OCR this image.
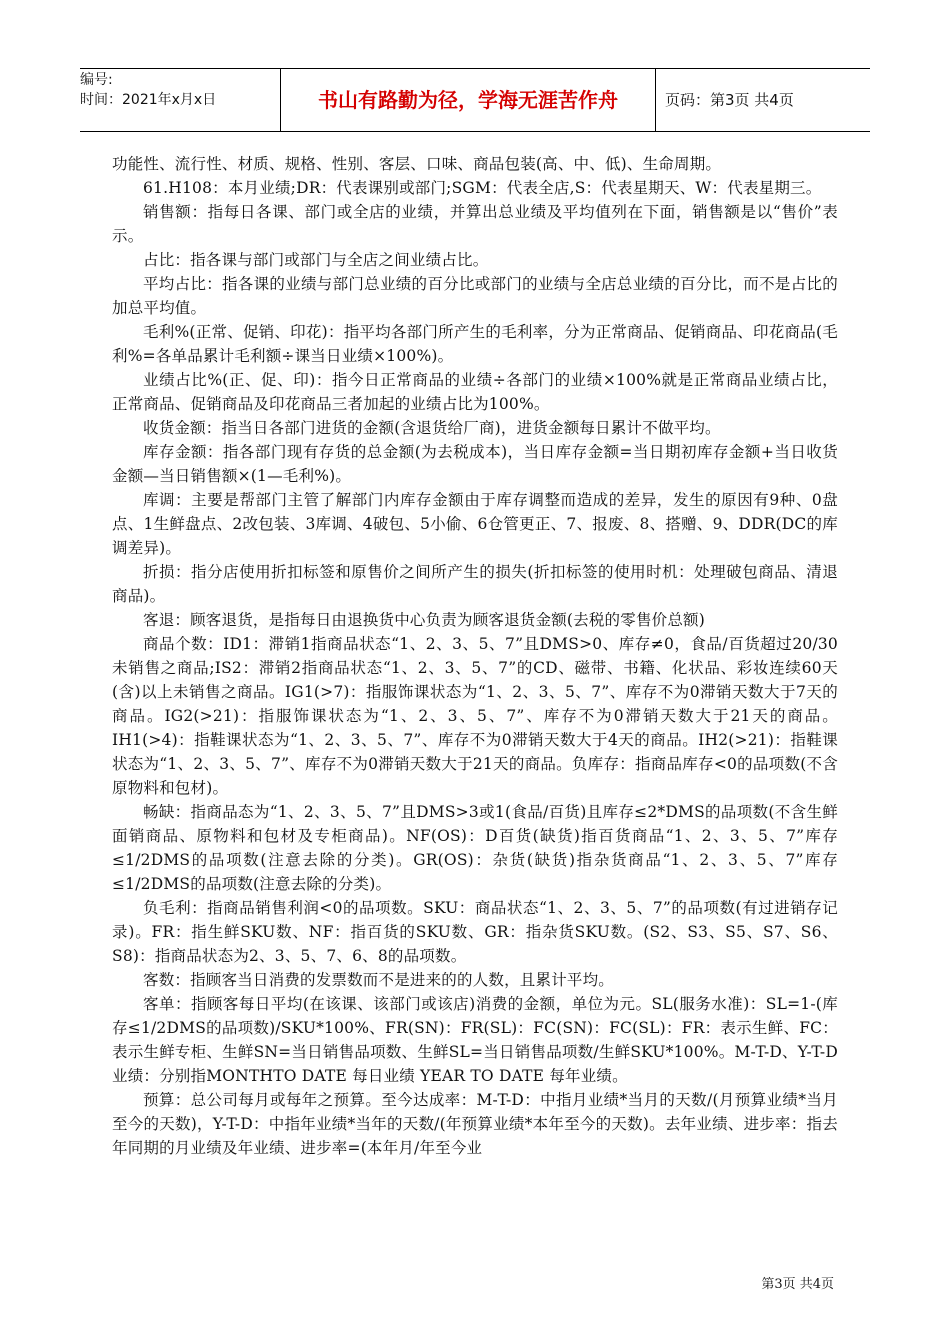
编号:
时间：2021年x月x日	书山有路勤为径，学海无涯苦作舟	页码：第3页 共4页

功能性、流行性、材质、规格、性别、客层、口味、商品包装(高、中、低)、生命周期。

61.H108：本月业绩;DR：代表课别或部门;SGM：代表全店,S：代表星期天、W：代表星期三。

销售额：指每日各课、部门或全店的业绩，并算出总业绩及平均值列在下面，销售额是以“售价”表示。

占比：指各课与部门或部门与全店之间业绩占比。

平均占比：指各课的业绩与部门总业绩的百分比或部门的业绩与全店总业绩的百分比，而不是占比的加总平均值。

毛利%(正常、促销、印花)：指平均各部门所产生的毛利率，分为正常商品、促销商品、印花商品(毛利%=各单品累计毛利额÷课当日业绩×100%)。

业绩占比%(正、促、印)：指今日正常商品的业绩÷各部门的业绩×100%就是正常商品业绩占比，正常商品、促销商品及印花商品三者加起的业绩占比为100%。

收货金额：指当日各部门进货的金额(含退货给厂商)，进货金额每日累计不做平均。

库存金额：指各部门现有存货的总金额(为去税成本)，当日库存金额=当日期初库存金额+当日收货金额—当日销售额×(1—毛利%)。

库调：主要是帮部门主管了解部门内库存金额由于库存调整而造成的差异，发生的原因有9种、0盘点、1生鲜盘点、2改包装、3库调、4破包、5小偷、6仓管更正、7、报废、8、搭赠、9、DDR(DC的库调差异)。

折损：指分店使用折扣标签和原售价之间所产生的损失(折扣标签的使用时机：处理破包商品、清退商品)。

客退：顾客退货，是指每日由退换货中心负责为顾客退货金额(去税的零售价总额)

商品个数：ID1：滞销1指商品状态“1、2、3、5、7”且DMS>0、库存≠0，食品/百货超过20/30未销售之商品;IS2：滞销2指商品状态“1、2、3、5、7”的CD、磁带、书籍、化状品、彩妆连续60天(含)以上未销售之商品。IG1(>7)：指服饰课状态为“1、2、3、5、7”、库存不为0滞销天数大于7天的商品。IG2(>21)：指服饰课状态为“1、2、3、5、7”、库存不为0滞销天数大于21天的商品。IH1(>4)：指鞋课状态为“1、2、3、5、7”、库存不为0滞销天数大于4天的商品。IH2(>21)：指鞋课状态为“1、2、3、5、7”、库存不为0滞销天数大于21天的商品。负库存：指商品库存<0的品项数(不含原物料和包材)。

畅缺：指商品态为“1、2、3、5、7”且DMS>3或1(食品/百货)且库存≤2*DMS的品项数(不含生鲜面销商品、原物料和包材及专柜商品)。NF(OS)：D百货(缺货)指百货商品“1、2、3、5、7”库存≤1/2DMS的品项数(注意去除的分类)。GR(OS)：杂货(缺货)指杂货商品“1、2、3、5、7”库存≤1/2DMS的品项数(注意去除的分类)。

负毛利：指商品销售利润<0的品项数。SKU：商品状态“1、2、3、5、7”的品项数(有过进销存记录)。FR：指生鲜SKU数、NF：指百货的SKU数、GR：指杂货SKU数。(S2、S3、S5、S7、S6、S8)：指商品状态为2、3、5、7、6、8的品项数。

客数：指顾客当日消费的发票数而不是进来的的人数，且累计平均。

客单：指顾客每日平均(在该课、该部门或该店)消费的金额，单位为元。SL(服务水准)：SL=1-(库存≤1/2DMS的品项数)/SKU*100%、FR(SN)：FR(SL)：FC(SN)：FC(SL)：FR：表示生鲜、FC：表示生鲜专柜、生鲜SN=当日销售品项数、生鲜SL=当日销售品项数/生鲜SKU*100%。M-T-D、Y-T-D业绩：分别指MONTHTO DATE 每日业绩 YEAR TO DATE 每年业绩。

预算：总公司每月或每年之预算。至今达成率：M-T-D：中指月业绩*当月的天数/(月预算业绩*当月至今的天数)，Y-T-D：中指年业绩*当年的天数/(年预算业绩*本年至今的天数)。去年业绩、进步率：指去年同期的月业绩及年业绩、进步率=(本年月/年至今业

第3页 共4页
